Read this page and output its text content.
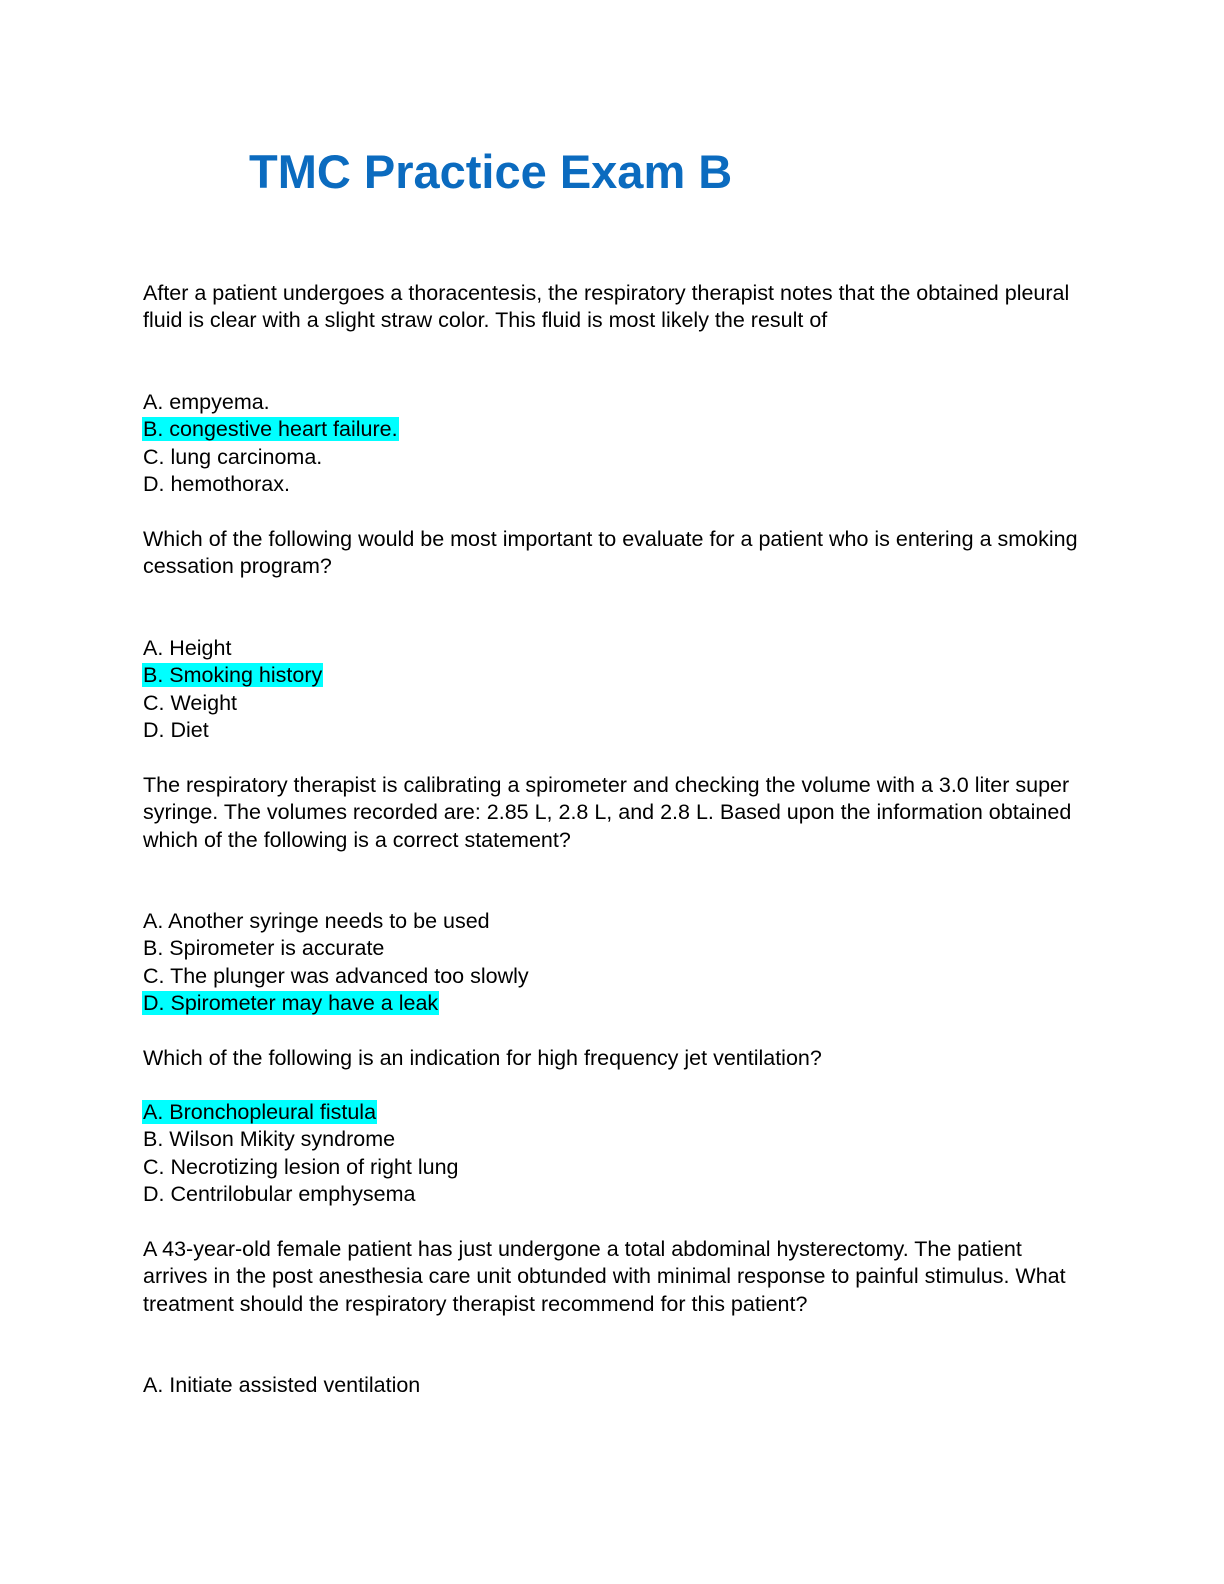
TMC Practice Exam B

After a patient undergoes a thoracentesis, the respiratory therapist notes that the obtained pleural fluid is clear with a slight straw color. This fluid is most likely the result of

A. empyema.
B. congestive heart failure.
C. lung carcinoma.
D. hemothorax.

Which of the following would be most important to evaluate for a patient who is entering a smoking cessation program?

A. Height
B. Smoking history
C. Weight
D. Diet

The respiratory therapist is calibrating a spirometer and checking the volume with a 3.0 liter super syringe. The volumes recorded are: 2.85 L, 2.8 L, and 2.8 L. Based upon the information obtained which of the following is a correct statement?

A. Another syringe needs to be used
B. Spirometer is accurate
C. The plunger was advanced too slowly
D. Spirometer may have a leak

Which of the following is an indication for high frequency jet ventilation?

A. Bronchopleural fistula
B. Wilson Mikity syndrome
C. Necrotizing lesion of right lung
D. Centrilobular emphysema

A 43-year-old female patient has just undergone a total abdominal hysterectomy. The patient arrives in the post anesthesia care unit obtunded with minimal response to painful stimulus. What treatment should the respiratory therapist recommend for this patient?

A. Initiate assisted ventilation
